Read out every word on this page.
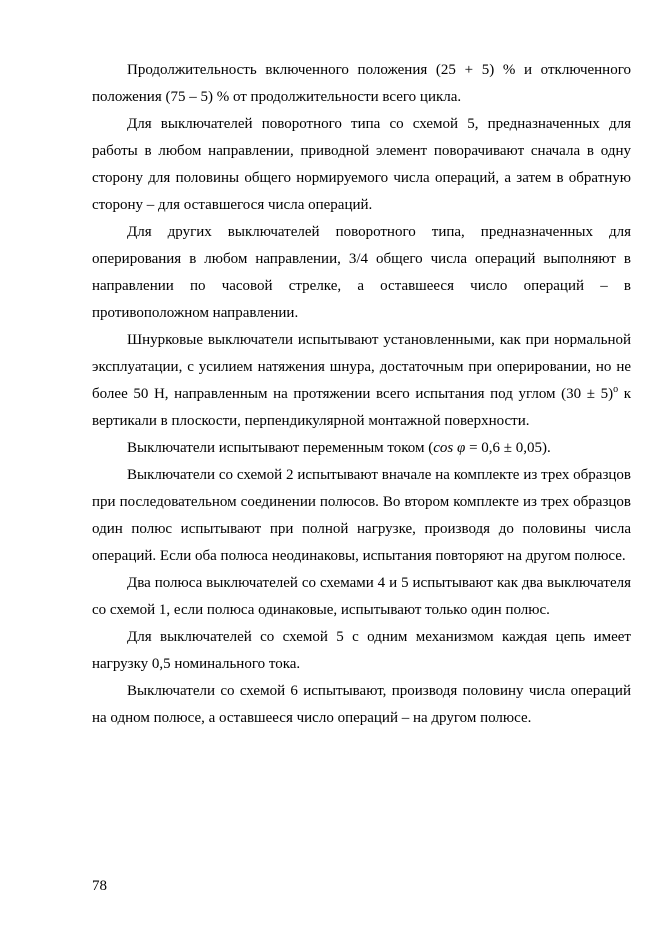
Продолжительность включенного положения (25 + 5) % и отключенного положения (75 – 5) % от продолжительности всего цикла.

Для выключателей поворотного типа со схемой 5, предназначенных для работы в любом направлении, приводной элемент поворачивают сначала в одну сторону для половины общего нормируемого числа операций, а затем в обратную сторону – для оставшегося числа операций.

Для других выключателей поворотного типа, предназначенных для оперирования в любом направлении, 3/4 общего числа операций выполняют в направлении по часовой стрелке, а оставшееся число операций – в противоположном направлении.

Шнурковые выключатели испытывают установленными, как при нормальной эксплуатации, с усилием натяжения шнура, достаточным при оперировании, но не более 50 Н, направленным на протяжении всего испытания под углом $(30 \pm 5)^о$ к вертикали в плоскости, перпендикулярной монтажной поверхности.

Выключатели испытывают переменным током (cos φ = 0,6 ± 0,05).

Выключатели со схемой 2 испытывают вначале на комплекте из трех образцов при последовательном соединении полюсов. Во втором комплекте из трех образцов один полюс испытывают при полной нагрузке, производя до половины числа операций. Если оба полюса неодинаковы, испытания повторяют на другом полюсе.

Два полюса выключателей со схемами 4 и 5 испытывают как два выключателя со схемой 1, если полюса одинаковые, испытывают только один полюс.

Для выключателей со схемой 5 с одним механизмом каждая цепь имеет нагрузку 0,5 номинального тока.

Выключатели со схемой 6 испытывают, производя половину числа операций на одном полюсе, а оставшееся число операций – на другом полюсе.

78
